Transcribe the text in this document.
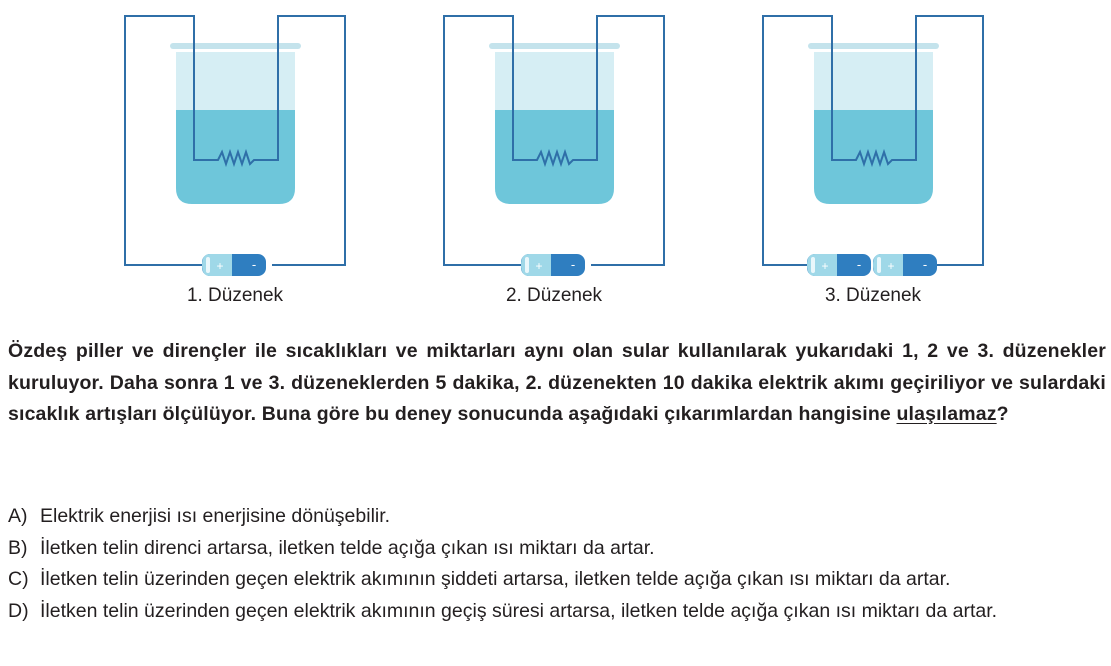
+ -	+ -	+ - + -
1. Düzenek	2. Düzenek	3. Düzenek
Özdeş piller ve dirençler ile sıcaklıkları ve miktarları aynı olan sular kullanılarak yukarıdaki 1, 2 ve 3. düzenekler kuruluyor. Daha sonra 1 ve 3. düzeneklerden 5 dakika, 2. düzenekten 10 dakika elektrik akımı geçiriliyor ve sulardaki sıcaklık artışları ölçülüyor. Buna göre bu deney sonucunda aşağıdaki çıkarımlardan hangisine ulaşılamaz?
A) Elektrik enerjisi ısı enerjisine dönüşebilir.
B) İletken telin direnci artarsa, iletken telde açığa çıkan ısı miktarı da artar.
C) İletken telin üzerinden geçen elektrik akımının şiddeti artarsa, iletken telde açığa çıkan ısı miktarı da artar.
D) İletken telin üzerinden geçen elektrik akımının geçiş süresi artarsa, iletken telde açığa çıkan ısı miktarı da artar.
